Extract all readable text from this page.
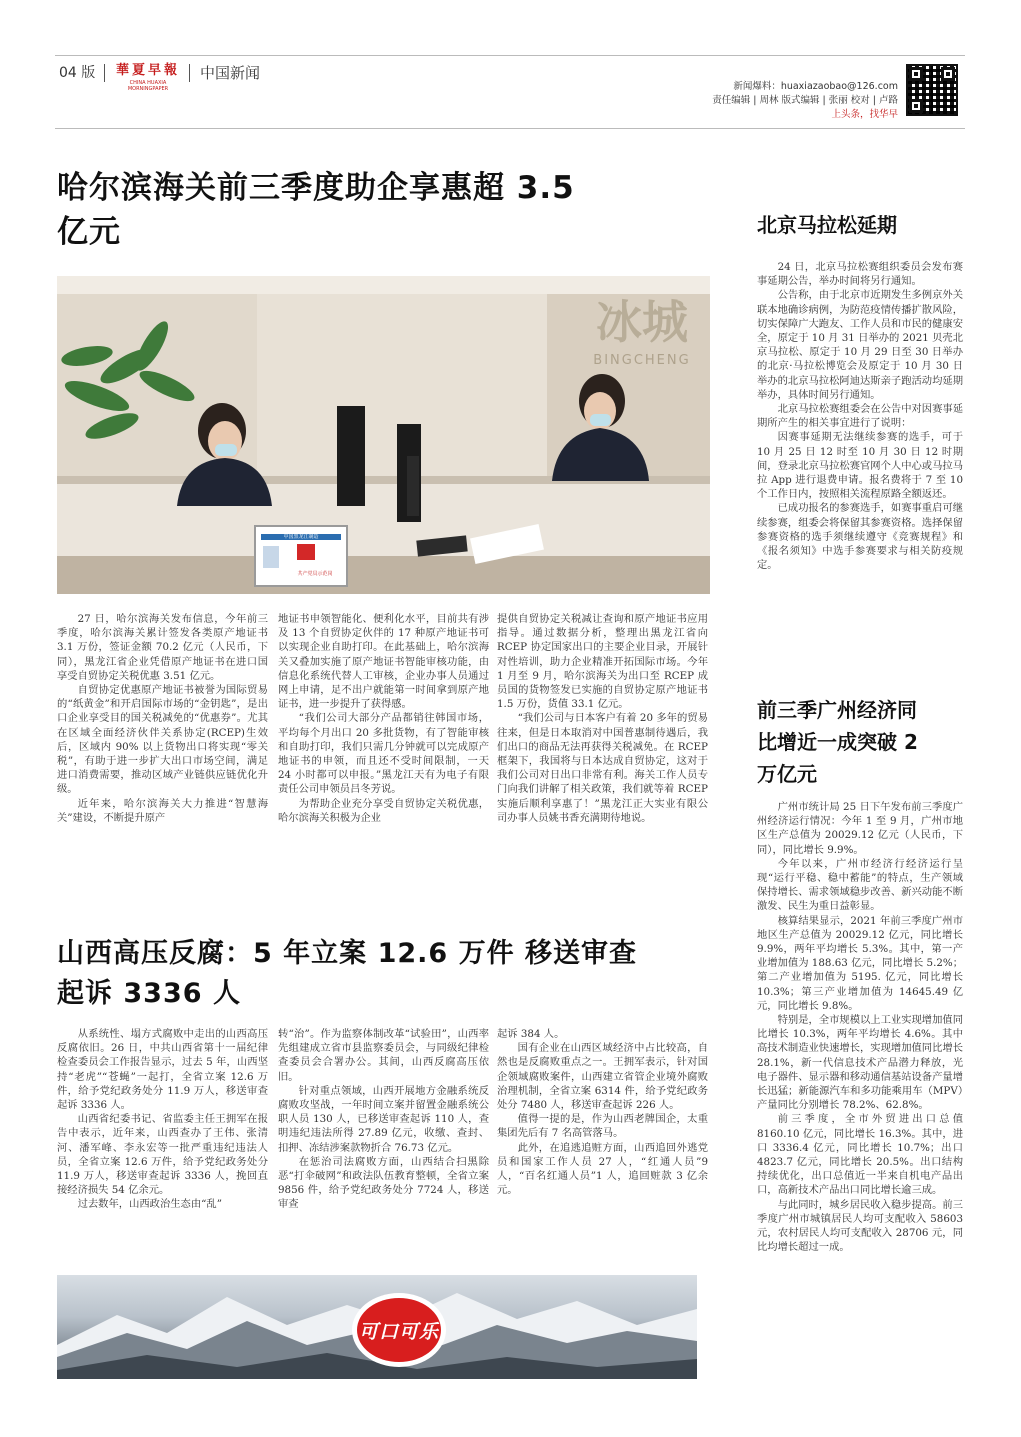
04 版 華夏早報
CHINA HUAXIA MORNINGPAPER
中国新闻
新闻爆料：huaxiazaobao@126.com
责任编辑 | 周林 版式编辑 | 张丽 校对 | 卢路
上头条，找华早
哈尔滨海关前三季度助企享惠超 3.5
亿元
冰城
BINGCHENG
中国黑龙江制造
共产党员示范岗

27 日，哈尔滨海关发布信息，今年前三季度，哈尔滨海关累计签发各类原产地证书 3.1 万份，签证金额 70.2 亿元（人民币，下同），黑龙江省企业凭借原产地证书在进口国享受自贸协定关税优惠 3.51 亿元。

自贸协定优惠原产地证书被誉为国际贸易的“纸黄金”和开启国际市场的“金钥匙”，是出口企业享受目的国关税减免的“优惠券”。尤其在区域全面经济伙伴关系协定(RCEP)生效后，区域内 90% 以上货物出口将实现“零关税”，有助于进一步扩大出口市场空间，满足进口消费需要，推动区域产业链供应链优化升级。

近年来，哈尔滨海关大力推进“智慧海关”建设，不断提升原产

地证书申领智能化、便利化水平，目前共有涉及 13 个自贸协定伙伴的 17 种原产地证书可以实现企业自助打印。在此基础上，哈尔滨海关又叠加实施了原产地证书智能审核功能，由信息化系统代替人工审核，企业办事人员通过网上申请，足不出户就能第一时间拿到原产地证书，进一步提升了获得感。

“我们公司大部分产品都销往韩国市场，平均每个月出口 20 多批货物，有了智能审核和自助打印，我们只需几分钟就可以完成原产地证书的申领，而且还不受时间限制，一天 24 小时都可以申报。”黑龙江天有为电子有限责任公司申领员吕冬芳说。

为帮助企业充分享受自贸协定关税优惠，哈尔滨海关积极为企业

提供自贸协定关税减让查询和原产地证书应用指导。通过数据分析，整理出黑龙江省向 RCEP 协定国家出口的主要企业目录，开展针对性培训，助力企业精准开拓国际市场。今年 1 月至 9 月，哈尔滨海关为出口至 RCEP 成员国的货物签发已实施的自贸协定原产地证书 1.5 万份，货值 33.1 亿元。

“我们公司与日本客户有着 20 多年的贸易往来，但是日本取消对中国普惠制待遇后，我们出口的商品无法再获得关税减免。在 RCEP 框架下，我国将与日本达成自贸协定，这对于我们公司对日出口非常有利。海关工作人员专门向我们讲解了相关政策，我们就等着 RCEP 实施后顺利享惠了！”黑龙江正大实业有限公司办事人员姚书香充满期待地说。

山西高压反腐：5 年立案 12.6 万件 移送审查
起诉 3336 人

从系统性、塌方式腐败中走出的山西高压反腐依旧。26 日，中共山西省第十一届纪律检查委员会工作报告显示，过去 5 年，山西坚持“老虎”“苍蝇”一起打，全省立案 12.6 万件，给予党纪政务处分 11.9 万人，移送审查起诉 3336 人。

山西省纪委书记、省监委主任王拥军在报告中表示，近年来，山西查办了王伟、张清河、潘军峰、李永宏等一批严重违纪违法人员，全省立案 12.6 万件，给予党纪政务处分 11.9 万人，移送审查起诉 3336 人，挽回直接经济损失 54 亿余元。

过去数年，山西政治生态由“乱”

转“治”。作为监察体制改革“试验田”，山西率先组建成立省市县监察委员会，与同级纪律检查委员会合署办公。其间，山西反腐高压依旧。

针对重点领域，山西开展地方金融系统反腐败攻坚战，一年时间立案并留置金融系统公职人员 130 人，已移送审查起诉 110 人，查明违纪违法所得 27.89 亿元，收缴、查封、扣押、冻结涉案款物折合 76.73 亿元。

在惩治司法腐败方面，山西结合扫黑除恶“打伞破网”和政法队伍教育整顿，全省立案 9856 件，给予党纪政务处分 7724 人，移送审查

起诉 384 人。

国有企业在山西区域经济中占比较高，自然也是反腐败重点之一。王拥军表示，针对国企领域腐败案件，山西建立省管企业境外腐败治理机制，全省立案 6314 件，给予党纪政务处分 7480 人，移送审查起诉 226 人。

值得一提的是，作为山西老牌国企，太重集团先后有 7 名高管落马。

此外，在追逃追赃方面，山西追回外逃党员和国家工作人员 27 人，“红通人员”9 人，“百名红通人员”1 人，追回赃款 3 亿余元。

可口可乐
北京马拉松延期

24 日，北京马拉松赛组织委员会发布赛事延期公告，举办时间将另行通知。

公告称，由于北京市近期发生多例京外关联本地确诊病例，为防范疫情传播扩散风险，切实保障广大跑友、工作人员和市民的健康安全，原定于 10 月 31 日举办的 2021 贝壳北京马拉松、原定于 10 月 29 日至 30 日举办的北京·马拉松博览会及原定于 10 月 30 日举办的北京马拉松阿迪达斯亲子跑活动均延期举办，具体时间另行通知。

北京马拉松赛组委会在公告中对因赛事延期所产生的相关事宜进行了说明：

因赛事延期无法继续参赛的选手，可于 10 月 25 日 12 时至 10 月 30 日 12 时期间，登录北京马拉松赛官网个人中心或马拉马拉 App 进行退费申请。报名费将于 7 至 10 个工作日内，按照相关流程原路全额返还。

已成功报名的参赛选手，如赛事重启可继续参赛，组委会将保留其参赛资格。选择保留参赛资格的选手须继续遵守《竞赛规程》和《报名须知》中选手参赛要求与相关防疫规定。

前三季广州经济同
比增近一成突破 2
万亿元

广州市统计局 25 日下午发布前三季度广州经济运行情况：今年 1 至 9 月，广州市地区生产总值为 20029.12 亿元（人民币，下同），同比增长 9.9%。

今年以来，广州市经济行经济运行呈现“运行平稳、稳中蓄能”的特点，生产领域保持增长、需求领域稳步改善、新兴动能不断激发、民生为重日益彰显。

核算结果显示，2021 年前三季度广州市地区生产总值为 20029.12 亿元，同比增长 9.9%，两年平均增长 5.3%。其中，第一产业增加值为 188.63 亿元，同比增长 5.2%；第二产业增加值为 5195. 亿元，同比增长 10.3%；第三产业增加值为 14645.49 亿元，同比增长 9.8%。

特别是，全市规模以上工业实现增加值同比增长 10.3%，两年平均增长 4.6%。其中高技术制造业快速增长，实现增加值同比增长 28.1%，新一代信息技术产品潜力释放，光电子器件、显示器和移动通信基站设备产量增长迅猛；新能源汽车和多功能乘用车（MPV）产量同比分别增长 78.2%、62.8%。

前三季度，全市外贸进出口总值 8160.10 亿元，同比增长 16.3%。其中，进口 3336.4 亿元，同比增长 10.7%；出口 4823.7 亿元，同比增长 20.5%。出口结构持续优化，出口总值近一半来自机电产品出口，高新技术产品出口同比增长逾三成。

与此同时，城乡居民收入稳步提高。前三季度广州市城镇居民人均可支配收入 58603 元，农村居民人均可支配收入 28706 元，同比均增长超过一成。
